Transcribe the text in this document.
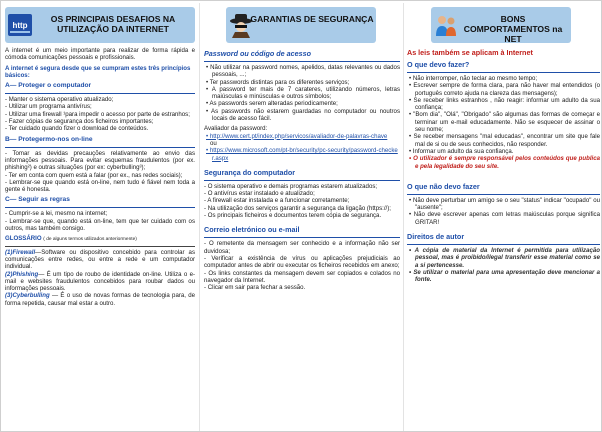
http
OS PRINCIPAIS DESAFIOS NA UTILIZAÇÃO DA INTERNET
A internet é um meio importante para realizar de forma rápida e cómoda comunicações pessoais e profissionais.
A internet é segura desde que se cumpram estes três princípios básicos:
A— Proteger o computador
- Manter o sistema operativo atualizado;
- Utilizar um programa antivírus;
- Utilizar uma firewall ¹para impedir o acesso por parte de estranhos;
- Fazer cópias de segurança dos ficheiros importantes;
- Ter cuidado quando fizer o download de conteúdos.
B— Protegermo-nos on-line
- Tomar as devidas precauções relativamente ao envio das informações pessoais. Para evitar esquemas fraudulentos (por ex. phishing²) e outras situações (por ex: cyberbulling³);
- Ter em conta com quem está a falar (por ex., nas redes sociais);
- Lembrar-se que quando está on-line, nem tudo é fiável nem toda a gente é honesta.
C— Seguir as regras
- Cumprir-se a lei, mesmo na internet;
- Lembrar-se que, quando está on-line, tem que ter cuidado com os outros, mas também consigo.
GLOSSÁRIO ( de alguns termos utilizados anteriormente)
(1)Firewall—Software ou dispositivo concebido para controlar as comunicações entre redes, ou entre a rede e um computador individual.
(2)Phishing— É um tipo de roubo de identidade on-line. Utiliza o e-mail e websites fraudulentos concebidos para roubar dados ou informações pessoais.
(3)Cyberbulling — É o uso de novas formas de tecnologia para, de forma repetida, causar mal estar a outro.
GARANTIAS DE SEGURANÇA
Password ou código de acesso
• Não utilizar na password nomes, apelidos, datas relevantes ou dados pessoais, ...;
• Ter passwords distintas para os diferentes serviços;
• A password ter mais de 7 carateres, utilizando números, letras maiúsculas e minúsculas e outros símbolos;
• As passwords serem alteradas periodicamente;
• As passwords não estarem guardadas no computador ou noutros locais de acesso fácil.
Avaliador da password:
• http://www.cert.pt/index.php/servicos/avaliador-de-palavras-chave
ou
• https://www.microsoft.com/pt-br/security/pc-security/password-checker.aspx
Segurança do computador
- O sistema operativo e demais programas estarem atualizados;
- O antivírus estar instalado e atualizado;
- A firewall estar instalada e a funcionar corretamente;
- Na utilização dos serviços garantir a segurança da ligação (https://);
- Os principais ficheiros e documentos terem cópia de segurança.
Correio eletrónico ou e-mail
- O remetente da mensagem ser conhecido e a informação não ser duvidosa;
- Verificar a existência de vírus ou aplicações prejudiciais ao computador antes de abrir ou executar os ficheiros recebidos em anexo;
- Os links constantes da mensagem devem ser copiados e colados no navegador da Internet.
- Clicar em sair para fechar a sessão.
BONS COMPORTAMENTOS na NET
As leis também se aplicam à Internet
O que devo fazer?
• Não interromper, não teclar ao mesmo tempo;
• Escrever sempre de forma clara, para não haver mal entendidos (o português correto ajuda na clareza das mensagens);
• Se receber links estranhos , não reagir: informar um adulto da sua confiança;
• "Bom dia", "Olá", "Obrigado" são algumas das formas de começar e terminar um e-mail educadamente. Não se esquecer de assinar o seu nome;
• Se receber mensagens "mal educadas", encontrar um site que fale mal de si ou de seus conhecidos, não responder.
• Informar um adulto da sua confiança.
• O utilizador é sempre responsável pelos conteúdos que publica e pela legalidade do seu site.
O que não devo fazer
• Não deve perturbar um amigo se o seu "status" indicar "ocupado" ou "ausente";
• Não deve escrever apenas com letras maiúsculas porque significa GRITAR!
Direitos de autor
• A cópia de material da Internet é permitida para utilização pessoal, mas é proibido/ilegal transferir esse material como se a si pertencesse.
• Se utilizar o material para uma apresentação deve mencionar a fonte.
